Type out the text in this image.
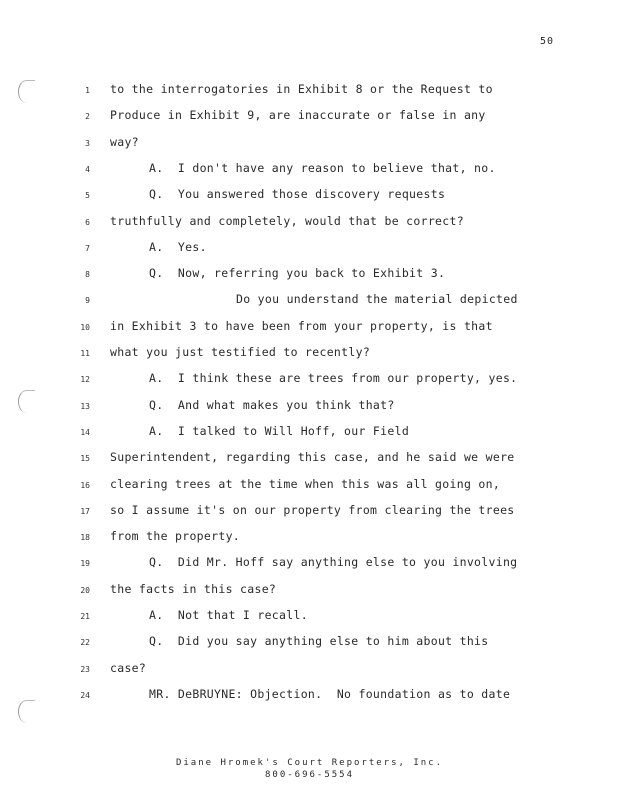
50
1 to the interrogatories in Exhibit 8 or the Request to
2 Produce in Exhibit 9, are inaccurate or false in any
3 way?
4	A.  I don't have any reason to believe that, no.
5	Q.  You answered those discovery requests
6 truthfully and completely, would that be correct?
7	A.  Yes.
8	Q.  Now, referring you back to Exhibit 3.
9	Do you understand the material depicted
10 in Exhibit 3 to have been from your property, is that
11 what you just testified to recently?
12	A.  I think these are trees from our property, yes.
13	Q.  And what makes you think that?
14	A.  I talked to Will Hoff, our Field
15 Superintendent, regarding this case, and he said we were
16 clearing trees at the time when this was all going on,
17 so I assume it's on our property from clearing the trees
18 from the property.
19	Q.  Did Mr. Hoff say anything else to you involving
20 the facts in this case?
21	A.  Not that I recall.
22	Q.  Did you say anything else to him about this
23 case?
24	MR. DeBRUYNE: Objection.  No foundation as to date
Diane Hromek's Court Reporters, Inc.
800-696-5554
